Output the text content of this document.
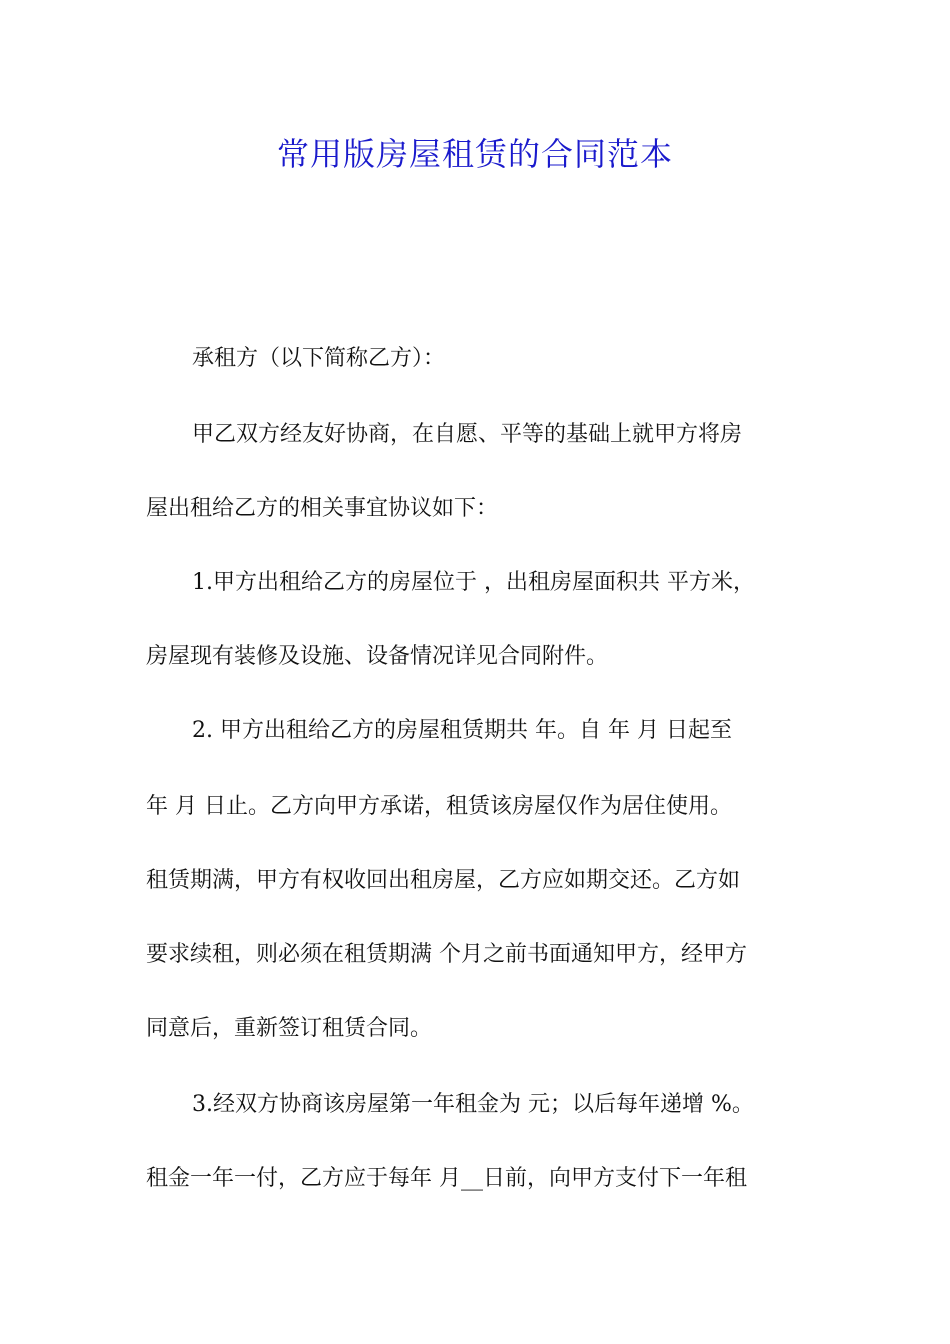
常用版房屋租赁的合同范本
承租方（以下简称乙方）：
甲乙双方经友好协商，在自愿、平等的基础上就甲方将房
屋出租给乙方的相关事宜协议如下：
1.甲方出租给乙方的房屋位于 ，出租房屋面积共 平方米，
房屋现有装修及设施、设备情况详见合同附件。
2. 甲方出租给乙方的房屋租赁期共 年。自 年 月 日起至
年 月 日止。乙方向甲方承诺，租赁该房屋仅作为居住使用。
租赁期满，甲方有权收回出租房屋，乙方应如期交还。乙方如
要求续租，则必须在租赁期满 个月之前书面通知甲方，经甲方
同意后，重新签订租赁合同。
3.经双方协商该房屋第一年租金为 元；以后每年递增 %。
租金一年一付，乙方应于每年 月__日前，向甲方支付下一年租
